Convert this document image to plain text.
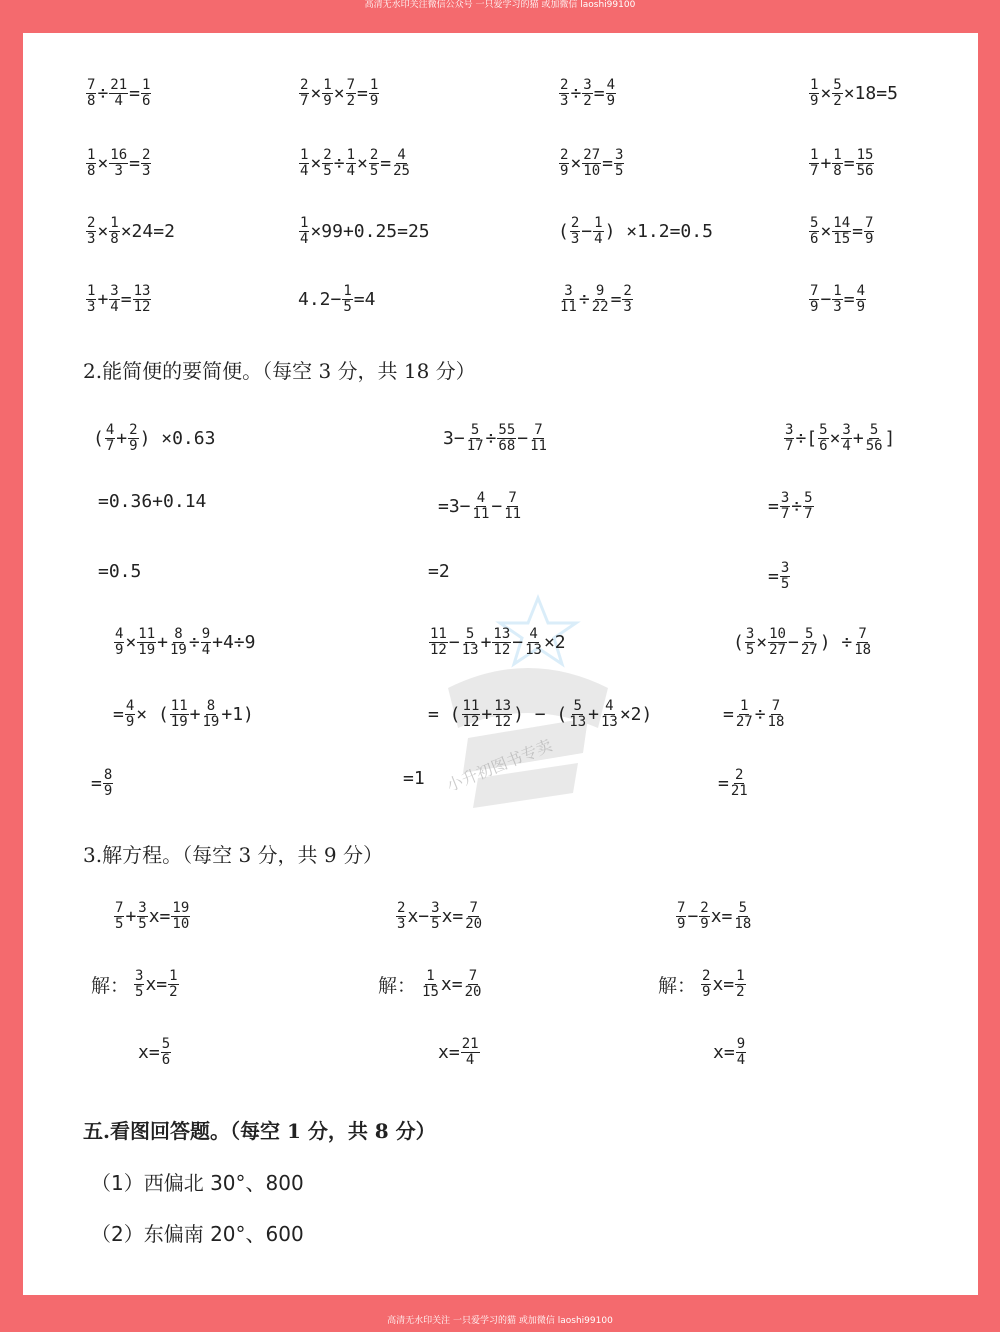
高清无水印关注微信公众号 一只爱学习的猫 或加微信 laoshi99100
小升初图书专卖
$\frac{7}{8} \div \frac{21}{4} = \frac{1}{6}$	$\frac{2}{7} \times \frac{1}{9} \times \frac{7}{2} = \frac{1}{9}$	$\frac{2}{3} \div \frac{3}{2} = \frac{4}{9}$	$\frac{1}{9} \times \frac{5}{2} \times 18=5$
$\frac{1}{8} \times \frac{16}{3} = \frac{2}{3}$	$\frac{1}{4} \times \frac{2}{5} \div \frac{1}{4} \times \frac{2}{5} = \frac{4}{25}$	$\frac{2}{9} \times \frac{27}{10} = \frac{3}{5}$	$\frac{1}{7} + \frac{1}{8} = \frac{15}{56}$
$\frac{2}{3} \times \frac{1}{8} \times 24=2$	$\frac{1}{4} \times 99+0.25=25$	( $\frac{2}{3} - \frac{1}{4}$ ) ×1.2=0.5	$\frac{5}{6} \times \frac{14}{15} = \frac{7}{9}$
$\frac{1}{3} + \frac{3}{4} = \frac{13}{12}$	$4.2- \frac{1}{5} =4$	$\frac{3}{11} \div \frac{9}{22} = \frac{2}{3}$	$\frac{7}{9} - \frac{1}{3} = \frac{4}{9}$
( $\frac{4}{7} + \frac{2}{9}$ ) ×0.63	$3- \frac{5}{17} \div \frac{55}{68} - \frac{7}{11}$	$\frac{3}{7}$ ÷[ $\frac{5}{6} \times \frac{3}{4} + \frac{5}{56}$ ]
=0.36+0.14	$=3- \frac{4}{11} - \frac{7}{11}$	= $\frac{3}{7} \div \frac{5}{7}$
=0.5	=2	= $\frac{3}{5}$
$\frac{4}{9} \times \frac{11}{19} + \frac{8}{19} \div \frac{9}{4} +4\div 9$	$\frac{11}{12} - \frac{5}{13} + \frac{13}{12} - \frac{4}{13} \times 2$	( $\frac{3}{5} \times \frac{10}{27} - \frac{5}{27}$ ) ÷ $\frac{7}{18}$
= $\frac{4}{9}$ × ( $\frac{11}{19} + \frac{8}{19} +1$)	= ( $\frac{11}{12} + \frac{13}{12}$ ) − ( $\frac{5}{13} + \frac{4}{13} \times 2$)	= $\frac{1}{27} \div \frac{7}{18}$
= $\frac{8}{9}$	=1	= $\frac{2}{21}$
$\frac{7}{5} + \frac{3}{5} x= \frac{19}{10}$	$\frac{2}{3} x- \frac{3}{5} x= \frac{7}{20}$	$\frac{7}{9} - \frac{2}{9} x= \frac{5}{18}$
解： $\frac{3}{5} x= \frac{1}{2}$	解： $\frac{1}{15} x= \frac{7}{20}$	解： $\frac{2}{9} x= \frac{1}{2}$
$x= \frac{5}{6}$	$x= \frac{21}{4}$	$x= \frac{9}{4}$
2.能简便的要简便。（每空 3 分，共 18 分）
3.解方程。（每空 3 分，共 9 分）
五.看图回答题。（每空 1 分，共 8 分）
（1）西偏北 30°、800
（2）东偏南 20°、600
高清无水印关注 一只爱学习的猫 或加微信 laoshi99100
